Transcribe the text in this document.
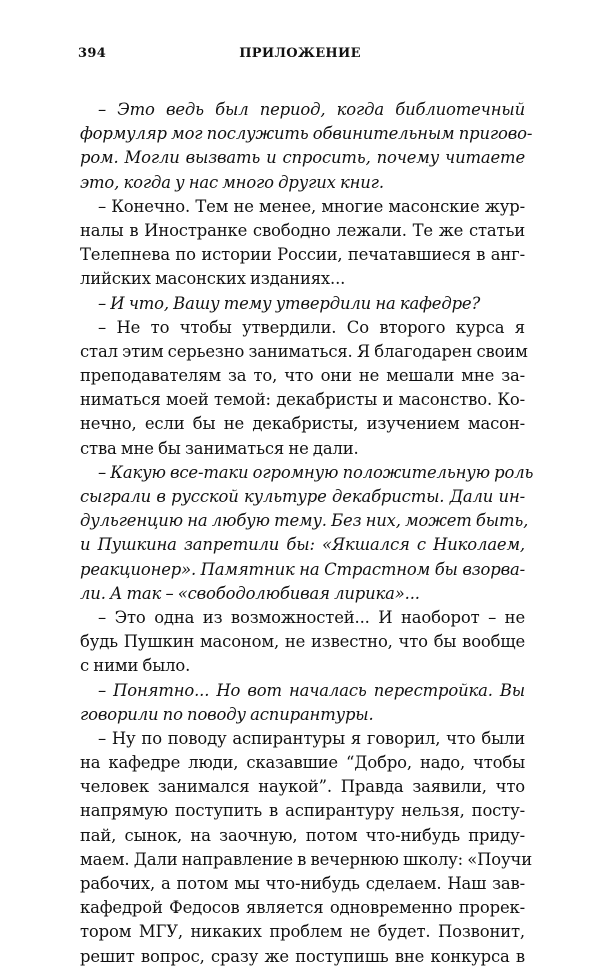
394	ПРИЛОЖЕНИЕ
– Это ведь был период, когда библиотечный
формуляр мог послужить обвинительным пригово-
ром. Могли вызвать и спросить, почему читаете
это, когда у нас много других книг.
– Конечно. Тем не менее, многие масонские жур-
налы в Иностранке свободно лежали. Те же статьи
Телепнева по истории России, печатавшиеся в анг-
лийских масонских изданиях...
– И что, Вашу тему утвердили на кафедре?
– Не то чтобы утвердили. Со второго курса я
стал этим серьезно заниматься. Я благодарен своим
преподавателям за то, что они не мешали мне за-
ниматься моей темой: декабристы и масонство. Ко-
нечно, если бы не декабристы, изучением масон-
ства мне бы заниматься не дали.
– Какую все-таки огромную положительную роль
сыграли в русской культуре декабристы. Дали ин-
дульгенцию на любую тему. Без них, может быть,
и Пушкина запретили бы: «Якшался с Николаем,
реакционер». Памятник на Страстном бы взорва-
ли. А так – «свободолюбивая лирика»...
– Это одна из возможностей... И наоборот – не
будь Пушкин масоном, не известно, что бы вообще
с ними было.
– Понятно... Но вот началась перестройка. Вы
говорили по поводу аспирантуры.
– Ну по поводу аспирантуры я говорил, что были
на кафедре люди, сказавшие “Добро, надо, чтобы
человек занимался наукой”. Правда заявили, что
напрямую поступить в аспирантуру нельзя, посту-
пай, сынок, на заочную, потом что-нибудь приду-
маем. Дали направление в вечернюю школу: «Поучи
рабочих, а потом мы что-нибудь сделаем. Наш зав-
кафедрой Федосов является одновременно прорек-
тором МГУ, никаких проблем не будет. Позвонит,
решит вопрос, сразу же поступишь вне конкурса в
